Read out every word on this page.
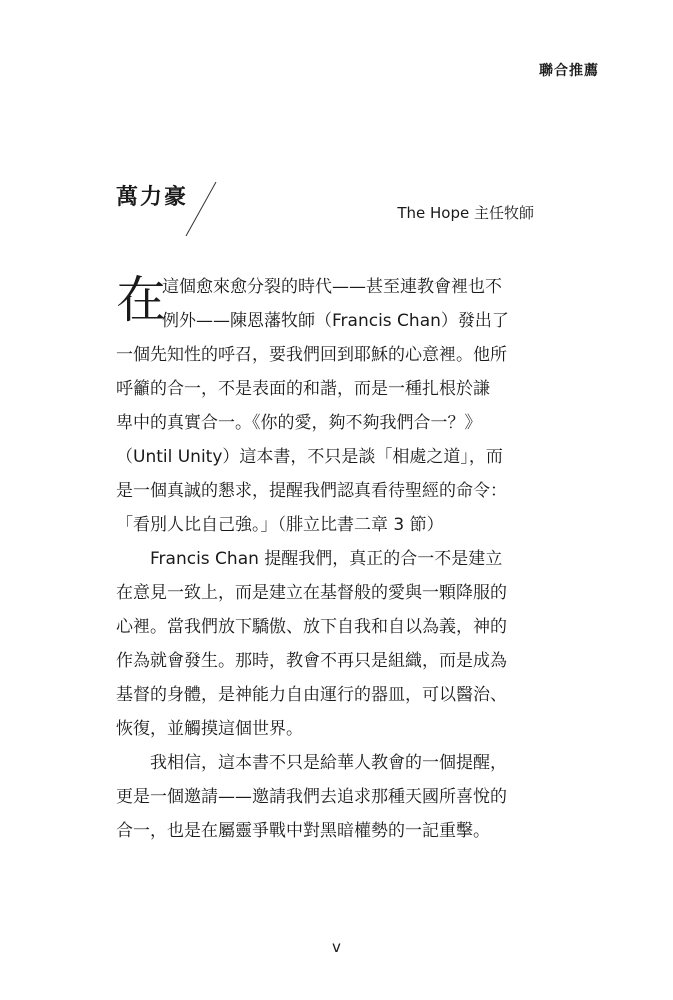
聯合推薦
萬力豪
The Hope 主任牧師
在
這個愈來愈分裂的時代——甚至連教會裡也不
例外——陳恩藩牧師（Francis Chan）發出了
一個先知性的呼召，要我們回到耶穌的心意裡。他所
呼籲的合一，不是表面的和諧，而是一種扎根於謙
卑中的真實合一。《你的愛，夠不夠我們合一？》
（Until Unity）這本書，不只是談「相處之道」，而
是一個真誠的懇求，提醒我們認真看待聖經的命令：
「看別人比自己強。」（腓立比書二章 3 節）
Francis Chan 提醒我們，真正的合一不是建立
在意見一致上，而是建立在基督般的愛與一顆降服的
心裡。當我們放下驕傲、放下自我和自以為義，神的
作為就會發生。那時，教會不再只是組織，而是成為
基督的身體，是神能力自由運行的器皿，可以醫治、
恢復，並觸摸這個世界。
我相信，這本書不只是給華人教會的一個提醒，
更是一個邀請——邀請我們去追求那種天國所喜悅的
合一，也是在屬靈爭戰中對黑暗權勢的一記重擊。
v
